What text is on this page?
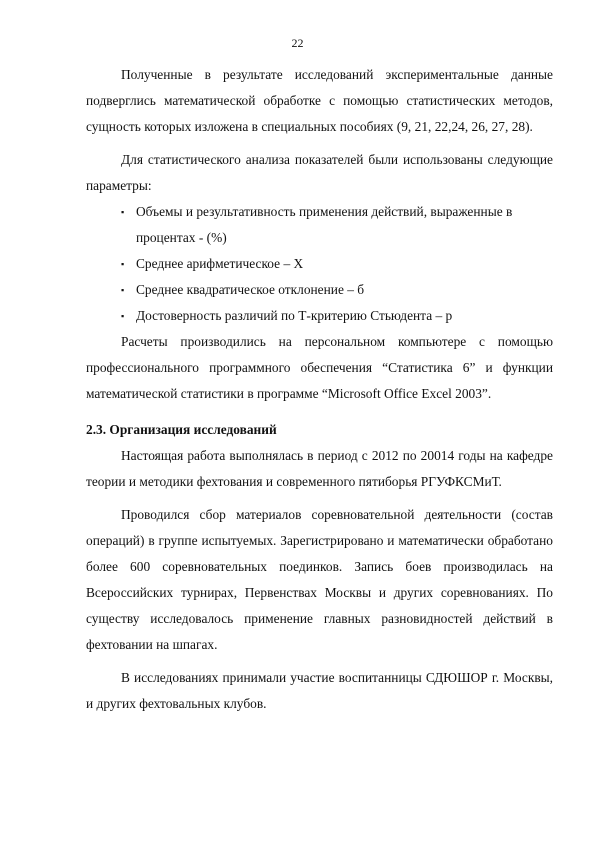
22

Полученные в результате исследований экспериментальные данные подверглись математической обработке с помощью статистических методов, сущность которых изложена в специальных пособиях (9, 21, 22,24, 26, 27, 28).

Для статистического анализа показателей были использованы следующие параметры:

▪ Объемы и результативность применения действий, выраженные в
процентах - (%)
▪ Среднее арифметическое – Х
▪ Среднее квадратическое отклонение – б
▪ Достоверность различий по Т-критерию Стьюдента – р

Расчеты производились на персональном компьютере с помощью профессионального программного обеспечения “Статистика 6” и функции математической статистики в программе “Microsoft Office Excel 2003”.

2.3. Организация исследований

Настоящая работа выполнялась в период с 2012 по 20014 годы на кафедре теории и методики фехтования и современного пятиборья РГУФКСМиТ.

Проводился сбор материалов соревновательной деятельности (состав операций) в группе испытуемых. Зарегистрировано и математически обработано более 600 соревновательных поединков. Запись боев производилась на Всероссийских турнирах, Первенствах Москвы и других соревнованиях. По существу исследовалось применение главных разновидностей действий в фехтовании на шпагах.

В исследованиях принимали участие воспитанницы СДЮШОР г. Москвы, и других фехтовальных клубов.
